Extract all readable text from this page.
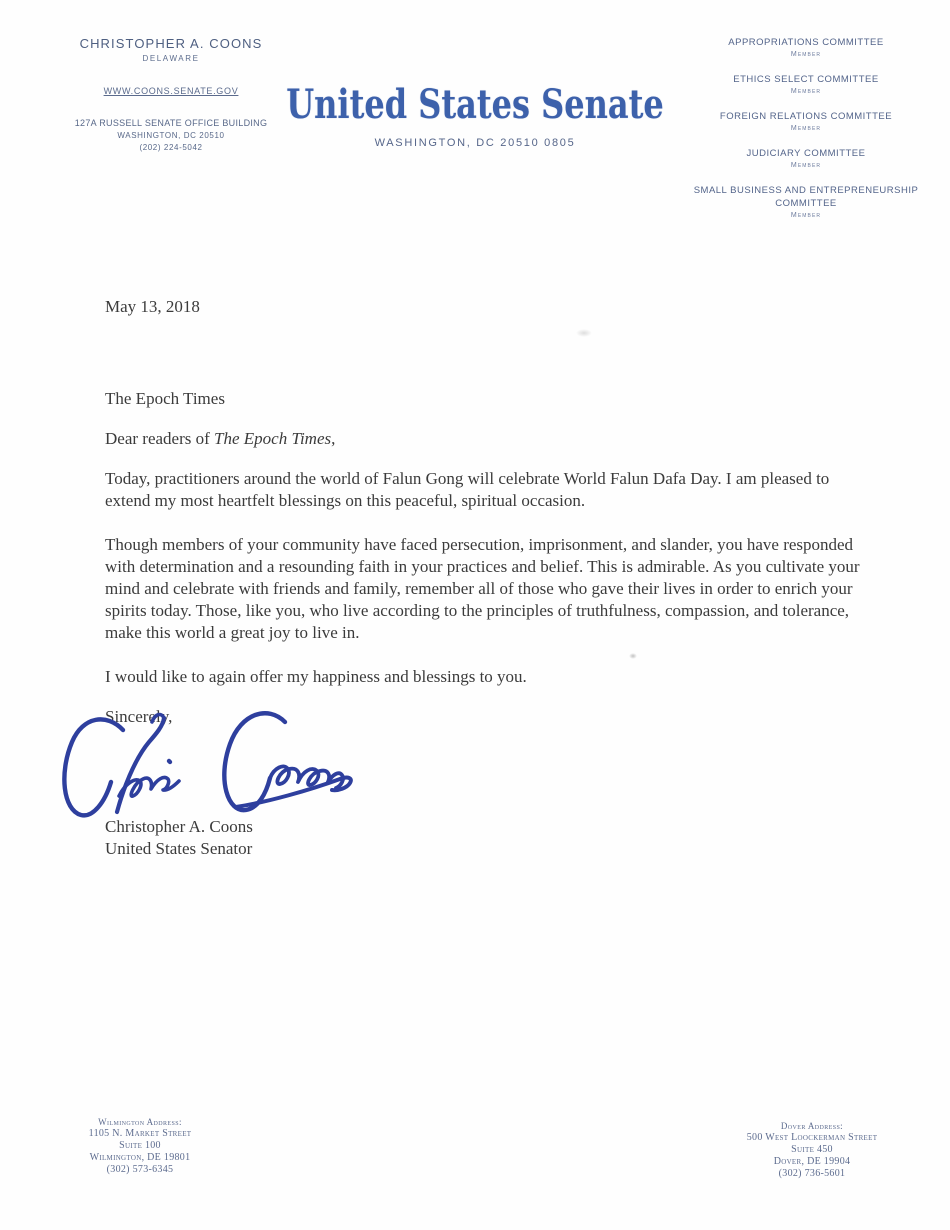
CHRISTOPHER A. COONS
DELAWARE
WWW.COONS.SENATE.GOV
127A RUSSELL SENATE OFFICE BUILDING
WASHINGTON, DC 20510
(202) 224-5042
United States Senate
WASHINGTON, DC 20510 0805
APPROPRIATIONS COMMITTEE
Member
ETHICS SELECT COMMITTEE
Member
FOREIGN RELATIONS COMMITTEE
Member
JUDICIARY COMMITTEE
Member
SMALL BUSINESS AND ENTREPRENEURSHIP COMMITTEE
Member

May 13, 2018

The Epoch Times

Dear readers of The Epoch Times,

Today, practitioners around the world of Falun Gong will celebrate World Falun Dafa Day. I am pleased to extend my most heartfelt blessings on this peaceful, spiritual occasion.

Though members of your community have faced persecution, imprisonment, and slander, you have responded with determination and a resounding faith in your practices and belief. This is admirable. As you cultivate your mind and celebrate with friends and family, remember all of those who gave their lives in order to enrich your spirits today. Those, like you, who live according to the principles of truthfulness, compassion, and tolerance, make this world a great joy to live in.

I would like to again offer my happiness and blessings to you.

Sincerely,

Christopher A. Coons

United States Senator

Wilmington Address:
1105 N. Market Street
Suite 100
Wilmington, DE 19801
(302) 573-6345
Dover Address:
500 West Loockerman Street
Suite 450
Dover, DE 19904
(302) 736-5601
